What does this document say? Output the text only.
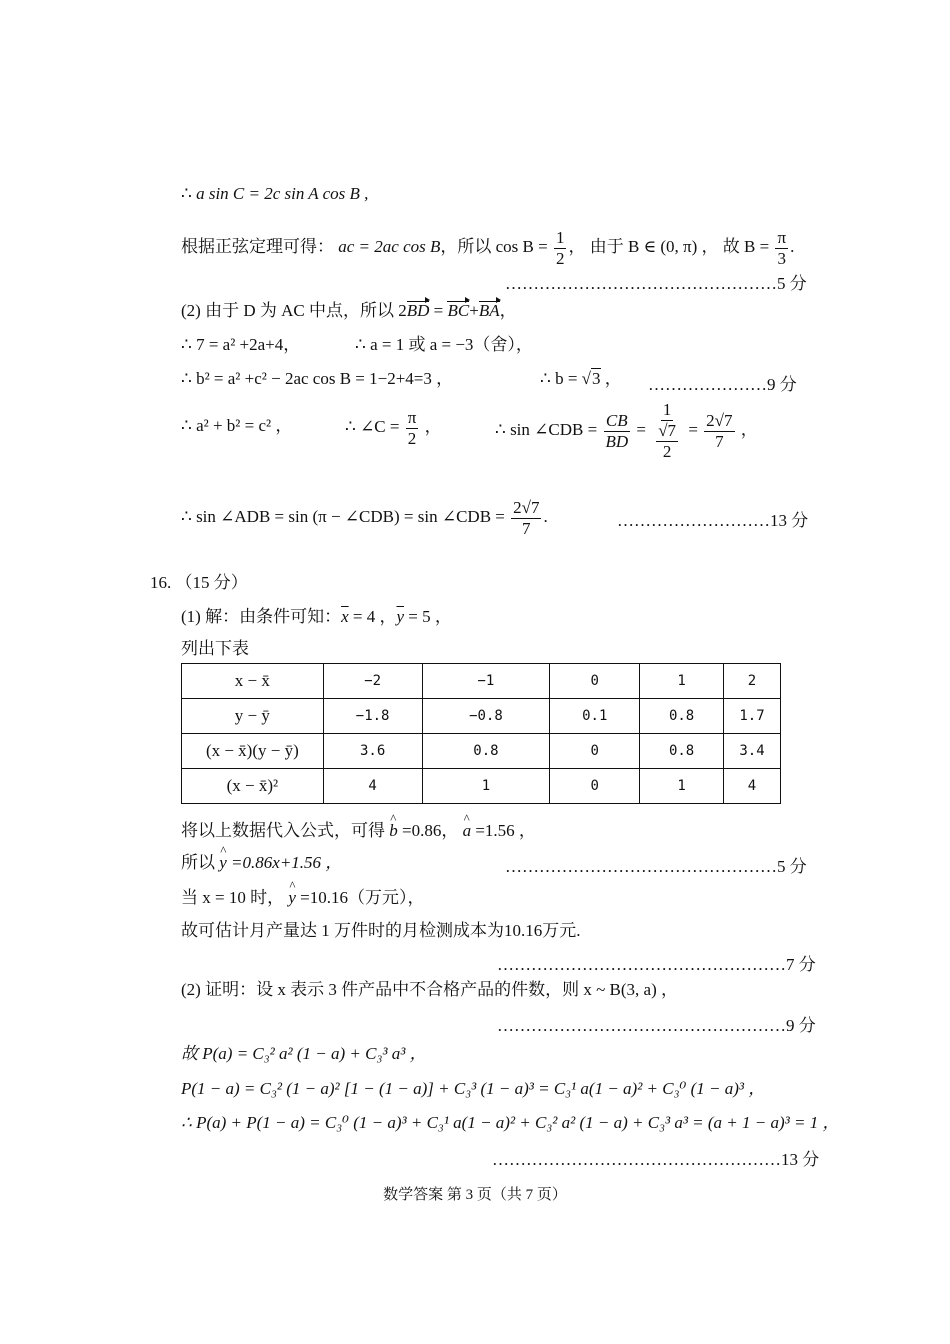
∴ a sin C = 2c sin A cos B ,
根据正弦定理可得： ac = 2ac cos B，所以 $\cos B = \frac{1}{2}$ ， 由于 B ∈ (0, π) ， 故 $B = \frac{\pi}{3}$ .
…………………………………………5 分
(2) 由于 D 为 AC 中点，所以 2BD = BC+BA，
∴ 7 = a² +2a+4，	∴ a = 1 或 a = −3（舍），
∴ b² = a² +c² − 2ac cos B = 1−2+4=3 ，	∴ b = √3 ， …………………9 分
∴ a² + b² = c² ，	∴ ∠C = $\frac{\pi}{2}$ ，	∴ sin ∠CDB = $\frac{CB}{BD} = \frac{1}{\frac{√7}{2}} = \frac{2√7}{7}$ ，
∴ sin ∠ADB = sin (π − ∠CDB) = sin ∠CDB = $\frac{2√7}{7}$ .	………………………13 分
16. （15 分）
(1) 解：由条件可知：$\overline{x} = 4$ ，$\overline{y} = 5$ ，
列出下表
x − x̄	−2	−1	0	1	2
y − ȳ	−1.8	−0.8	0.1	0.8	1.7
(x − x̄)(y − ȳ)	3.6	0.8	0	0.8	3.4
(x − x̄)²	4	1	0	1	4
将以上数据代入公式，可得 ^ b =0.86， ^ a =1.56 ，
所以 ^ y =0.86x+1.56 ，	…………………………………………5 分
当 x = 10 时， ^ y =10.16（万元），
故可估计月产量达 1 万件时的月检测成本为10.16万元.
……………………………………………7 分
(2) 证明：设 x 表示 3 件产品中不合格产品的件数，则 x ~ B(3, a) ，
……………………………………………9 分
故 P(a) = C₃² a² (1 − a) + C₃³ a³ ，
P(1 − a) = C₃² (1 − a)² [1 − (1 − a)] + C₃³ (1 − a)³ = C₃¹ a(1 − a)² + C₃⁰ (1 − a)³ ，
∴ P(a) + P(1 − a) = C₃⁰ (1 − a)³ + C₃¹ a(1 − a)² + C₃² a² (1 − a) + C₃³ a³ = (a + 1 − a)³ = 1 ，
……………………………………………13 分
数学答案 第 3 页（共 7 页）
